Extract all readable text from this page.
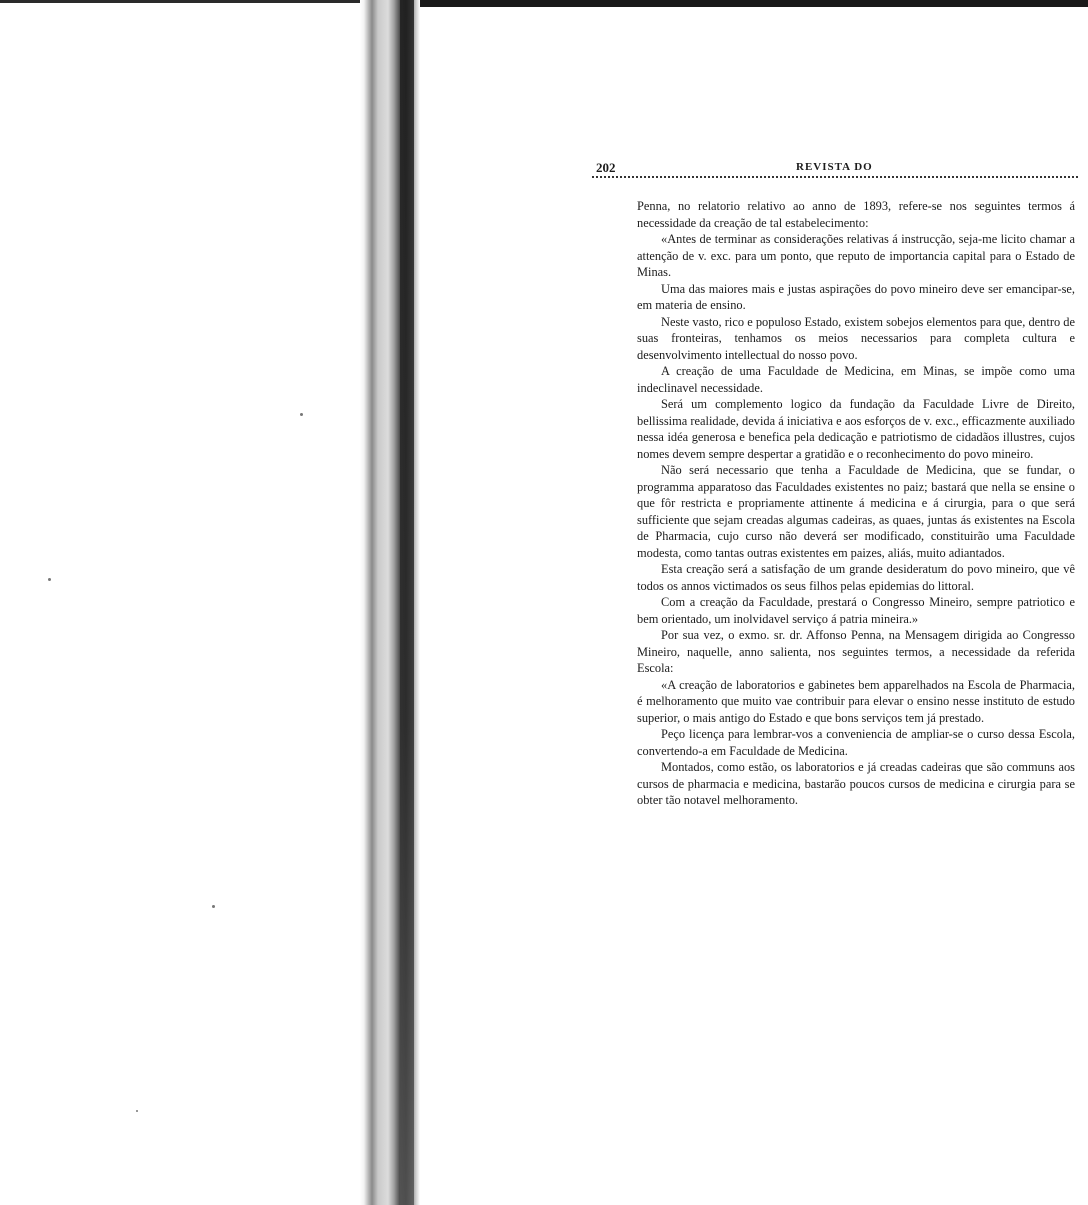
202	REVISTA DO

Penna, no relatorio relativo ao anno de 1893, refere-se nos seguintes termos á necessidade da creação de tal estabelecimento:

«Antes de terminar as considerações relativas á instrucção, seja-me licito chamar a attenção de v. exc. para um ponto, que reputo de importancia capital para o Estado de Minas.

Uma das maiores mais e justas aspirações do povo mineiro deve ser emancipar-se, em materia de ensino.

Neste vasto, rico e populoso Estado, existem sobejos elementos para que, dentro de suas fronteiras, tenhamos os meios necessarios para completa cultura e desenvolvimento intellectual do nosso povo.

A creação de uma Faculdade de Medicina, em Minas, se impõe como uma indeclinavel necessidade.

Será um complemento logico da fundação da Faculdade Livre de Direito, bellissima realidade, devida á iniciativa e aos esforços de v. exc., efficazmente auxiliado nessa idéa generosa e benefica pela dedicação e patriotismo de cidadãos illustres, cujos nomes devem sempre despertar a gratidão e o reconhecimento do povo mineiro.

Não será necessario que tenha a Faculdade de Medicina, que se fundar, o programma apparatoso das Faculdades existentes no paiz; bastará que nella se ensine o que fôr restricta e propriamente attinente á medicina e á cirurgia, para o que será sufficiente que sejam creadas algumas cadeiras, as quaes, juntas ás existentes na Escola de Pharmacia, cujo curso não deverá ser modificado, constituirão uma Faculdade modesta, como tantas outras existentes em paizes, aliás, muito adiantados.

Esta creação será a satisfação de um grande desideratum do povo mineiro, que vê todos os annos victimados os seus filhos pelas epidemias do littoral.

Com a creação da Faculdade, prestará o Congresso Mineiro, sempre patriotico e bem orientado, um inolvidavel serviço á patria mineira.»

Por sua vez, o exmo. sr. dr. Affonso Penna, na Mensagem dirigida ao Congresso Mineiro, naquelle, anno salienta, nos seguintes termos, a necessidade da referida Escola:

«A creação de laboratorios e gabinetes bem apparelhados na Escola de Pharmacia, é melhoramento que muito vae contribuir para elevar o ensino nesse instituto de estudo superior, o mais antigo do Estado e que bons serviços tem já prestado.

Peço licença para lembrar-vos a conveniencia de ampliar-se o curso dessa Escola, convertendo-a em Faculdade de Medicina.

Montados, como estão, os laboratorios e já creadas cadeiras que são communs aos cursos de pharmacia e medicina, bastarão poucos cursos de medicina e cirurgia para se obter tão notavel melhoramento.
